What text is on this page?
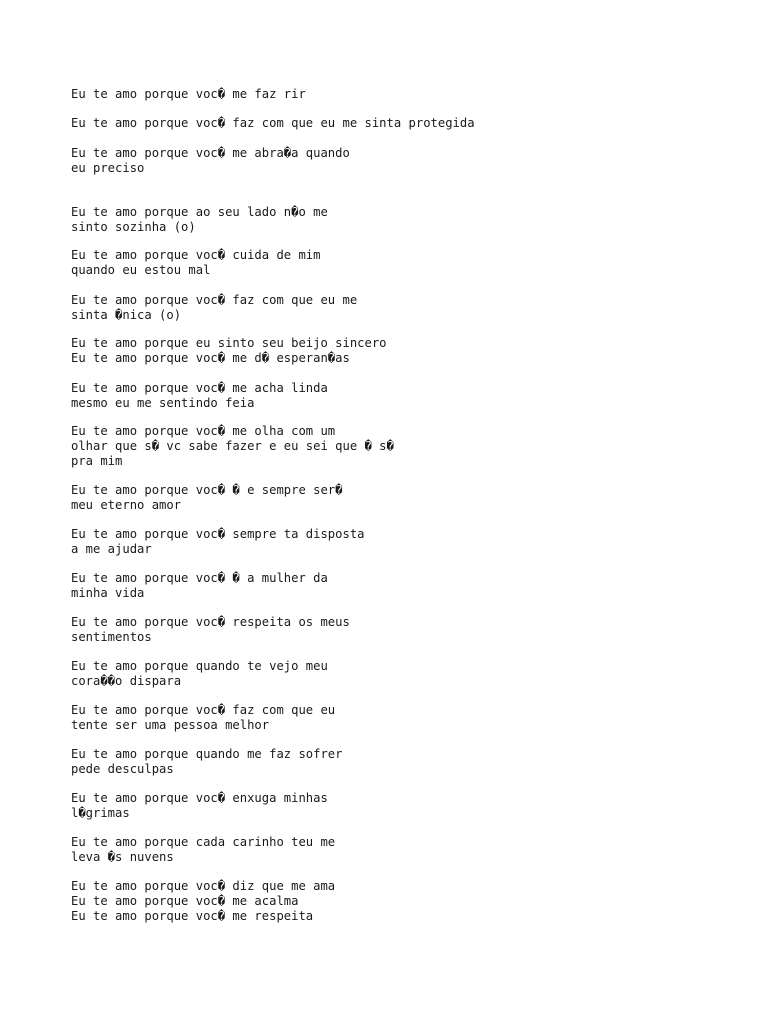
Eu te amo porque voc� me faz rir
Eu te amo porque voc� faz com que eu me sinta protegida
Eu te amo porque voc� me abra�a quando
eu preciso
Eu te amo porque ao seu lado n�o me
sinto sozinha (o)
Eu te amo porque voc� cuida de mim
quando eu estou mal
Eu te amo porque voc� faz com que eu me
sinta �nica (o)
Eu te amo porque eu sinto seu beijo sincero
Eu te amo porque voc� me d� esperan�as
Eu te amo porque voc� me acha linda
mesmo eu me sentindo feia
Eu te amo porque voc� me olha com um
olhar que s� vc sabe fazer e eu sei que � s�
pra mim
Eu te amo porque voc� � e sempre ser�
meu eterno amor
Eu te amo porque voc� sempre ta disposta
a me ajudar
Eu te amo porque voc� � a mulher da
minha vida
Eu te amo porque voc� respeita os meus
sentimentos
Eu te amo porque quando te vejo meu
cora��o dispara
Eu te amo porque voc� faz com que eu
tente ser uma pessoa melhor
Eu te amo porque quando me faz sofrer
pede desculpas
Eu te amo porque voc� enxuga minhas
l�grimas
Eu te amo porque cada carinho teu me
leva �s nuvens
Eu te amo porque voc� diz que me ama
Eu te amo porque voc� me acalma
Eu te amo porque voc� me respeita
